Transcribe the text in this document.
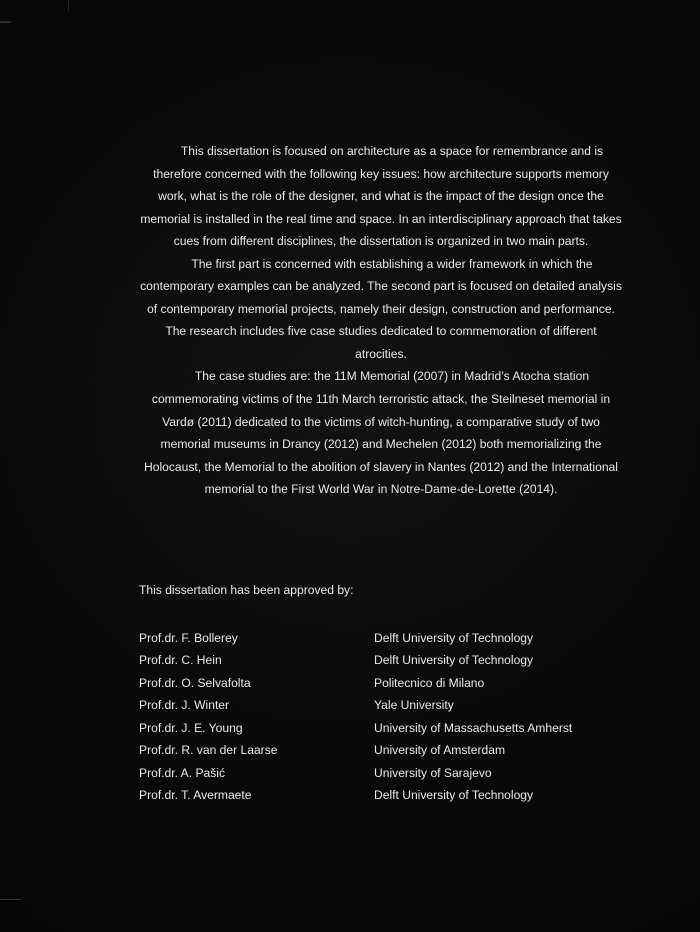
This dissertation is focused on architecture as a space for remembrance and is therefore concerned with the following key issues: how architecture supports memory work, what is the role of the designer, and what is the impact of the design once the memorial is installed in the real time and space. In an interdisciplinary approach that takes cues from different disciplines, the dissertation is organized in two main parts.

The first part is concerned with establishing a wider framework in which the contemporary examples can be analyzed. The second part is focused on detailed analysis of contemporary memorial projects, namely their design, construction and performance. The research includes five case studies dedicated to commemoration of different atrocities.

The case studies are: the 11M Memorial (2007) in Madrid’s Atocha station commemorating victims of the 11th March terroristic attack, the Steilneset memorial in Vardø (2011) dedicated to the victims of witch-hunting, a comparative study of two memorial museums in Drancy (2012) and Mechelen (2012) both memorializing the Holocaust, the Memorial to the abolition of slavery in Nantes (2012) and the International memorial to the First World War in Notre-Dame-de-Lorette (2014).

This dissertation has been approved by:
Prof.dr. F. Bollerey	Delft University of Technology
Prof.dr. C. Hein	Delft University of Technology
Prof.dr. O. Selvafolta	Politecnico di Milano
Prof.dr. J. Winter	Yale University
Prof.dr. J. E. Young	University of Massachusetts Amherst
Prof.dr. R. van der Laarse	University of Amsterdam
Prof.dr. A. Pašić	University of Sarajevo
Prof.dr. T. Avermaete	Delft University of Technology
